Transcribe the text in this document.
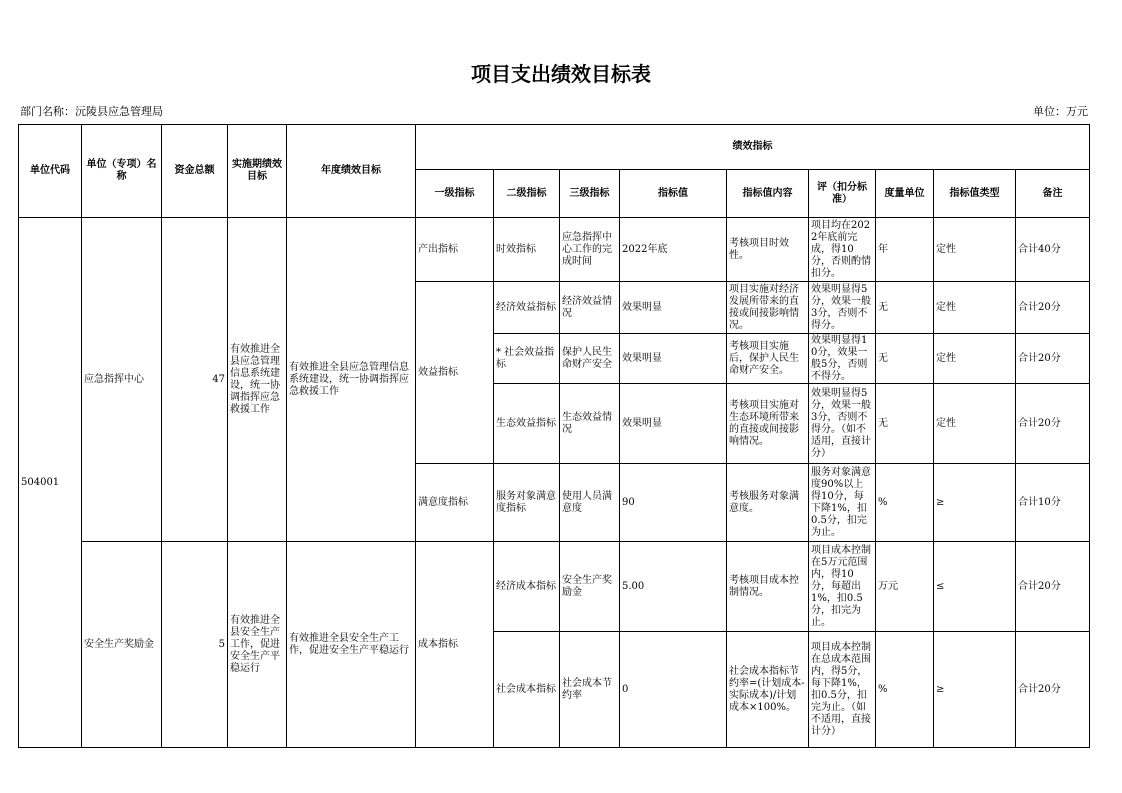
项目支出绩效目标表
部门名称：沅陵县应急管理局	单位：万元
单位代码	单位（专项）名称	资金总额	实施期绩效目标	年度绩效目标	绩效指标								
					一级指标	二级指标	三级指标	指标值	指标值内容	评（扣分标准）	度量单位	指标值类型	备注
504001	应急指挥中心	47	有效推进全县应急管理信息系统建设，统一协调指挥应急救援工作	有效推进全县应急管理信息系统建设，统一协调指挥应急救援工作	产出指标	时效指标	应急指挥中心工作的完成时间	2022年底	考核项目时效性。	项目均在2022年底前完成，得10分，否则酌情扣分。	年	定性	合计40分
					效益指标	经济效益指标	经济效益情况	效果明显	项目实施对经济发展所带来的直接或间接影响情况。	效果明显得5分，效果一般3分，否则不得分。	无	定性	合计20分
						* 社会效益指标	保护人民生命财产安全	效果明显	考核项目实施后，保护人民生命财产安全。	效果明显得10分，效果一般5分，否则不得分。	无	定性	合计20分
						生态效益指标	生态效益情况	效果明显	考核项目实施对生态环境所带来的直接或间接影响情况。	效果明显得5分，效果一般3分，否则不得分。（如不适用，直接计分）	无	定性	合计20分
					满意度指标	服务对象满意度指标	使用人员满意度	90	考核服务对象满意度。	服务对象满意度90%以上得10分，每下降1%，扣0.5分，扣完为止。	%	≥	合计10分
	安全生产奖励金	5	有效推进全县安全生产工作，促进安全生产平稳运行	有效推进全县安全生产工作，促进安全生产平稳运行	成本指标	经济成本指标	安全生产奖励金	5.00	考核项目成本控制情况。	项目成本控制在5万元范围内，得10分，每超出1%，扣0.5分，扣完为止。	万元	≤	合计20分
						社会成本指标	社会成本节约率	0	社会成本指标节约率=(计划成本-实际成本)/计划成本×100%。	项目成本控制在总成本范围内，得5分，每下降1%，扣0.5分，扣完为止。（如不适用，直接计分）	%	≥	合计20分
